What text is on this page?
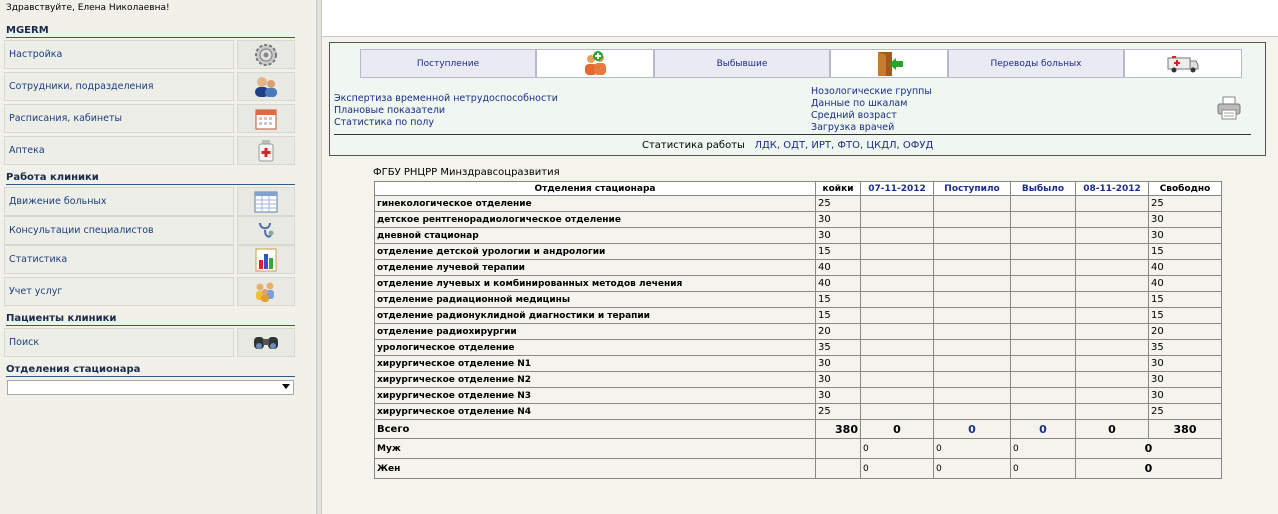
Здравствуйте, Елена Николаевна!
MGERM
Настройка
Сотрудники, подразделения
Расписания, кабинеты
Аптека
Работа клиники
Движение больных
Консультации специалистов
Статистика
Учет услуг
Пациенты клиники
Поиск
Отделения стационара
Поступление	Выбывшие	Переводы больных
Экспертиза временной нетрудоспособности
Плановые показатели
Статистика по полу
Нозологические группы
Данные по шкалам
Средний возраст
Загрузка врачей
Статистика работы ЛДК, ОДТ, ИРТ, ФТО, ЦКДЛ, ОФУД
ФГБУ РНЦРР Минздравсоцразвития
Отделения стационара	койки	07-11-2012	Поступило	Выбыло	08-11-2012	Свободно
гинекологическое отделение	25					25
детское рентгенорадиологическое отделение	30					30
дневной стационар	30					30
отделение детской урологии и андрологии	15					15
отделение лучевой терапии	40					40
отделение лучевых и комбинированных методов лечения	40					40
отделение радиационной медицины	15					15
отделение радионуклидной диагностики и терапии	15					15
отделение радиохирургии	20					20
урологическое отделение	35					35
хирургическое отделение N1	30					30
хирургическое отделение N2	30					30
хирургическое отделение N3	30					30
хирургическое отделение N4	25					25
Всего	380	0	0	0	0	380
Муж		0	0	0	0	
Жен		0	0	0	0	
